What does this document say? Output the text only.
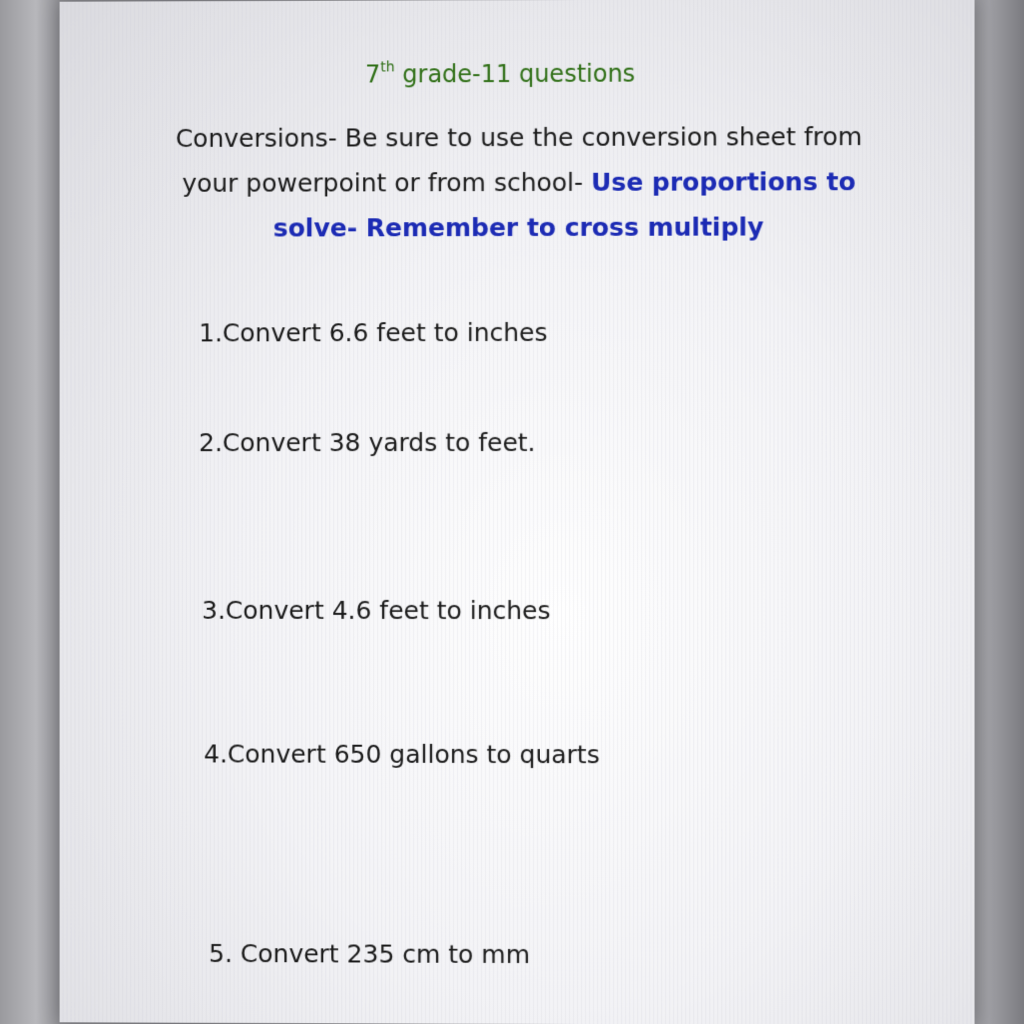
7th grade-11 questions
Conversions- Be sure to use the conversion sheet from your powerpoint or from school- Use proportions to solve- Remember to cross multiply
1.Convert 6.6 feet to inches
2.Convert 38 yards to feet.
3.Convert 4.6 feet to inches
4.Convert 650 gallons to quarts
5. Convert 235 cm to mm
